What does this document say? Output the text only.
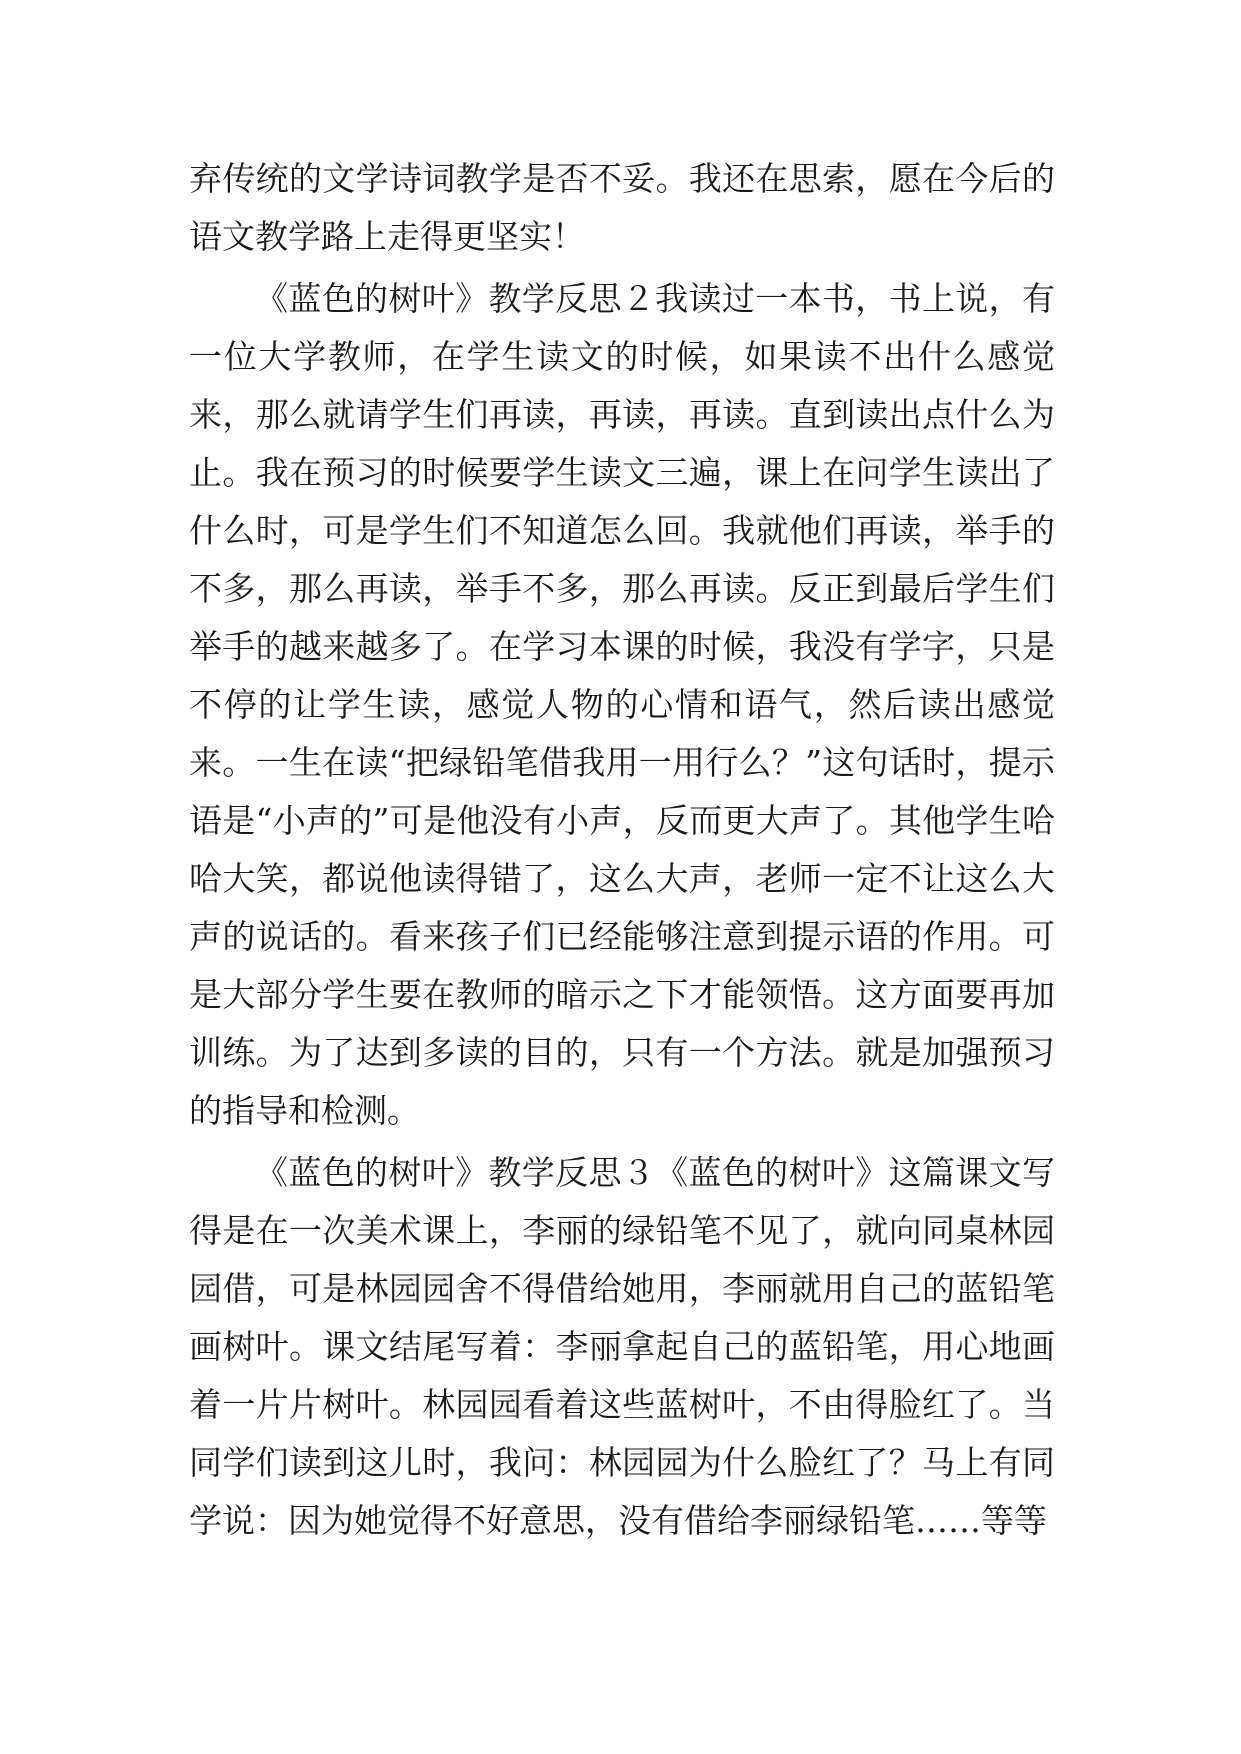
弃传统的文学诗词教学是否不妥。我还在思索，愿在今后的语文教学路上走得更坚实！

《蓝色的树叶》教学反思２我读过一本书，书上说，有一位大学教师，在学生读文的时候，如果读不出什么感觉来，那么就请学生们再读，再读，再读。直到读出点什么为止。我在预习的时候要学生读文三遍，课上在问学生读出了什么时，可是学生们不知道怎么回。我就他们再读，举手的不多，那么再读，举手不多，那么再读。反正到最后学生们举手的越来越多了。在学习本课的时候，我没有学字，只是不停的让学生读，感觉人物的心情和语气，然后读出感觉来。一生在读“把绿铅笔借我用一用行么？”这句话时，提示语是“小声的”可是他没有小声，反而更大声了。其他学生哈哈大笑，都说他读得错了，这么大声，老师一定不让这么大声的说话的。看来孩子们已经能够注意到提示语的作用。可是大部分学生要在教师的暗示之下才能领悟。这方面要再加训练。为了达到多读的目的，只有一个方法。就是加强预习的指导和检测。

《蓝色的树叶》教学反思３《蓝色的树叶》这篇课文写得是在一次美术课上，李丽的绿铅笔不见了，就向同桌林园园借，可是林园园舍不得借给她用，李丽就用自己的蓝铅笔画树叶。课文结尾写着：李丽拿起自己的蓝铅笔，用心地画着一片片树叶。林园园看着这些蓝树叶，不由得脸红了。当同学们读到这儿时，我问：林园园为什么脸红了？马上有同学说：因为她觉得不好意思，没有借给李丽绿铅笔……等等
